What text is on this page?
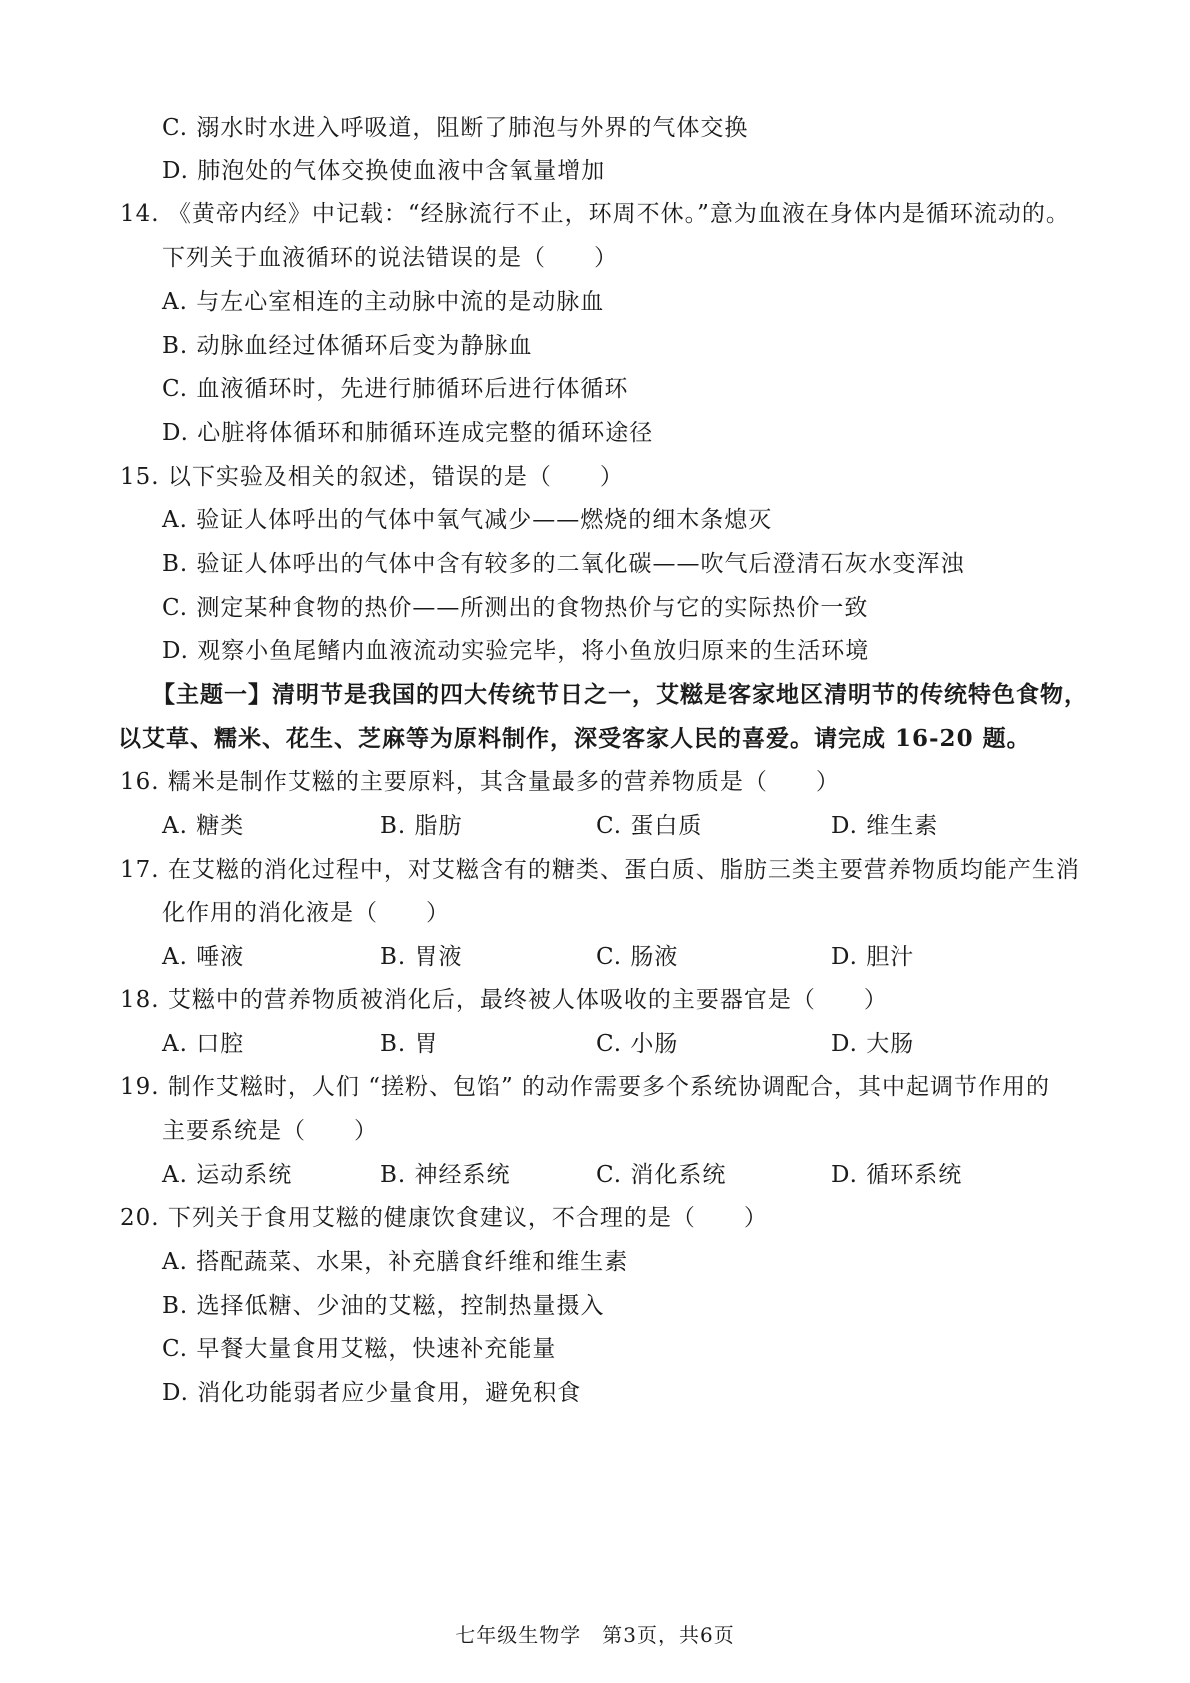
C. 溺水时水进入呼吸道，阻断了肺泡与外界的气体交换
D. 肺泡处的气体交换使血液中含氧量增加
14. 《黄帝内经》中记载：“经脉流行不止，环周不休。”意为血液在身体内是循环流动的。
下列关于血液循环的说法错误的是（　　）
A. 与左心室相连的主动脉中流的是动脉血
B. 动脉血经过体循环后变为静脉血
C. 血液循环时，先进行肺循环后进行体循环
D. 心脏将体循环和肺循环连成完整的循环途径
15. 以下实验及相关的叙述，错误的是（　　）
A. 验证人体呼出的气体中氧气减少——燃烧的细木条熄灭
B. 验证人体呼出的气体中含有较多的二氧化碳——吹气后澄清石灰水变浑浊
C. 测定某种食物的热价——所测出的食物热价与它的实际热价一致
D. 观察小鱼尾鳍内血液流动实验完毕，将小鱼放归原来的生活环境
【主题一】清明节是我国的四大传统节日之一，艾糍是客家地区清明节的传统特色食物，
以艾草、糯米、花生、芝麻等为原料制作，深受客家人民的喜爱。请完成 16-20 题。
16. 糯米是制作艾糍的主要原料，其含量最多的营养物质是（　　）
A. 糖类	B. 脂肪	C. 蛋白质	D. 维生素
17. 在艾糍的消化过程中，对艾糍含有的糖类、蛋白质、脂肪三类主要营养物质均能产生消
化作用的消化液是（　　）
A. 唾液	B. 胃液	C. 肠液	D. 胆汁
18. 艾糍中的营养物质被消化后，最终被人体吸收的主要器官是（　　）
A. 口腔	B. 胃	C. 小肠	D. 大肠
19. 制作艾糍时，人们 “搓粉、包馅” 的动作需要多个系统协调配合，其中起调节作用的
主要系统是（　　）
A. 运动系统	B. 神经系统	C. 消化系统	D. 循环系统
20. 下列关于食用艾糍的健康饮食建议，不合理的是（　　）
A. 搭配蔬菜、水果，补充膳食纤维和维生素
B. 选择低糖、少油的艾糍，控制热量摄入
C. 早餐大量食用艾糍，快速补充能量
D. 消化功能弱者应少量食用，避免积食
七年级生物学　第3页，共6页
